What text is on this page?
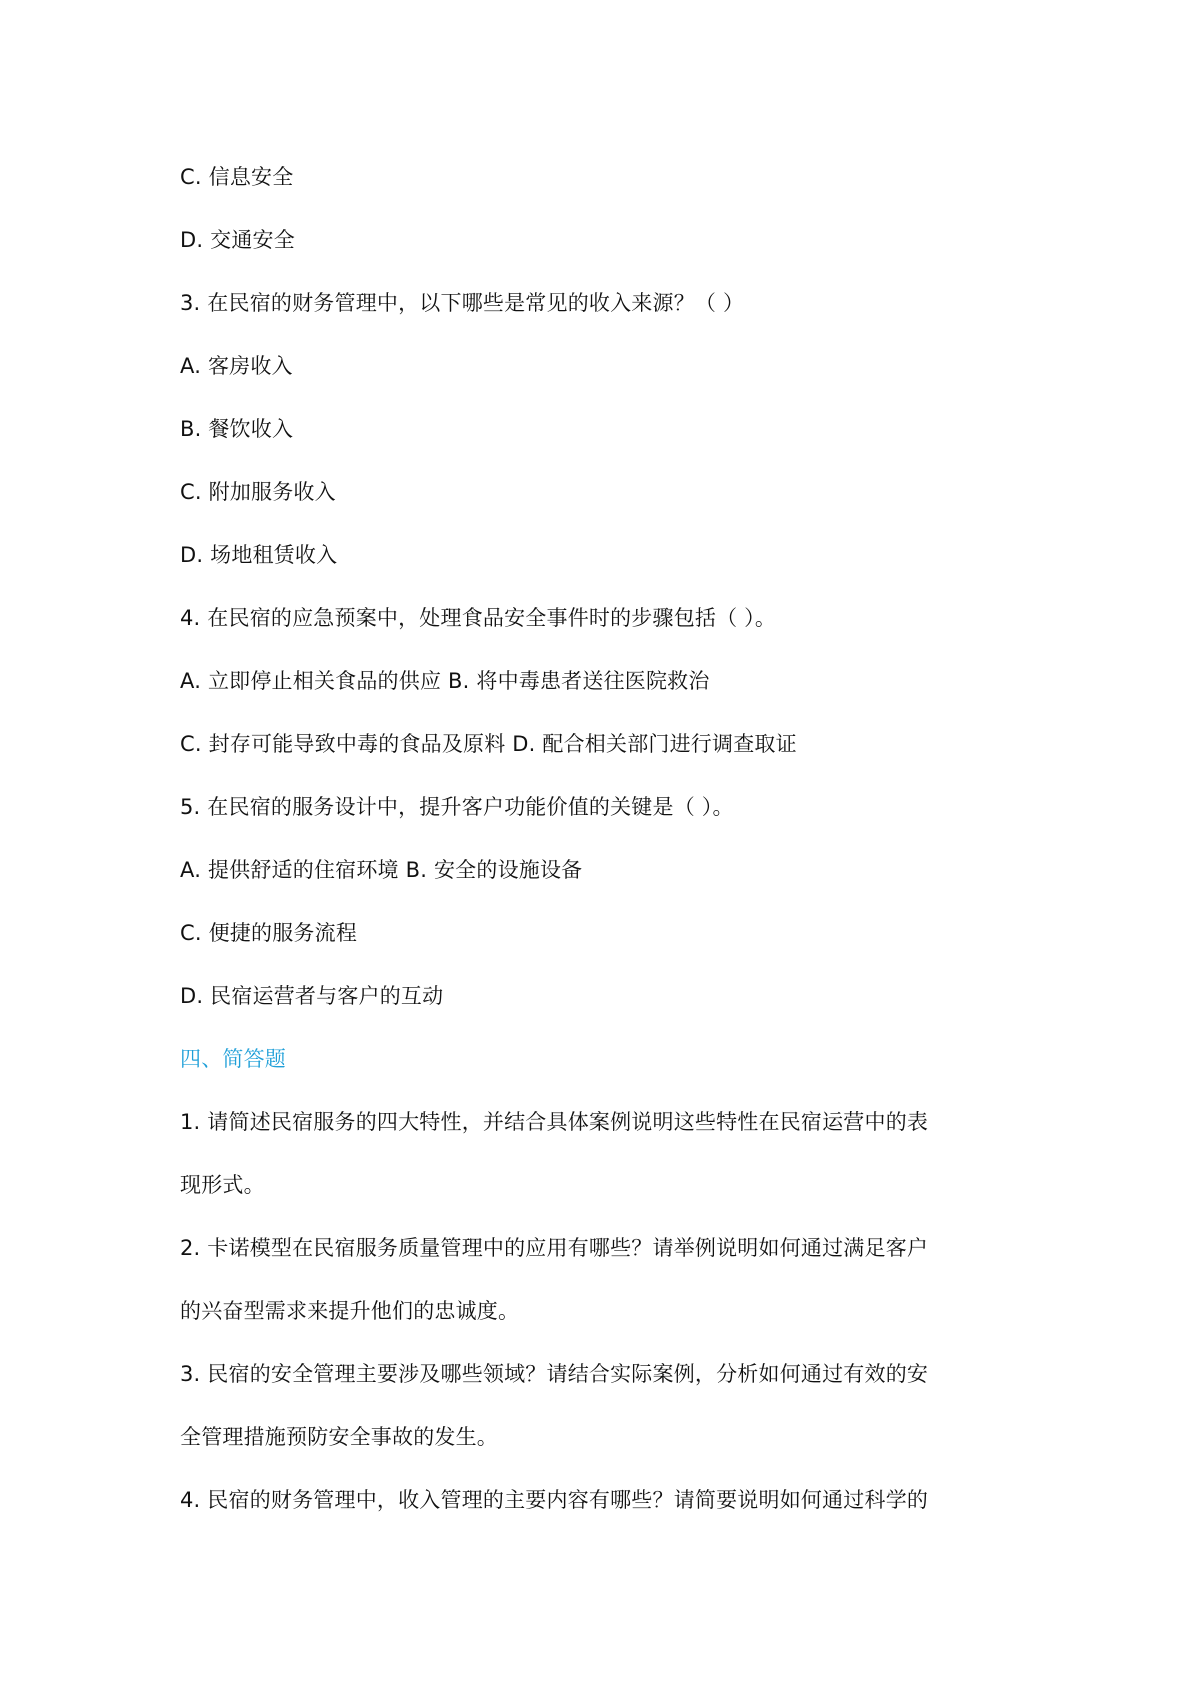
C. 信息安全
D. 交通安全
3. 在民宿的财务管理中，以下哪些是常见的收入来源？（ ）
A. 客房收入
B. 餐饮收入
C. 附加服务收入
D. 场地租赁收入
4. 在民宿的应急预案中，处理食品安全事件时的步骤包括（ ）。
A. 立即停止相关食品的供应 B. 将中毒患者送往医院救治
C. 封存可能导致中毒的食品及原料 D. 配合相关部门进行调查取证
5. 在民宿的服务设计中，提升客户功能价值的关键是（ ）。
A. 提供舒适的住宿环境 B. 安全的设施设备
C. 便捷的服务流程
D. 民宿运营者与客户的互动
四、简答题
1. 请简述民宿服务的四大特性，并结合具体案例说明这些特性在民宿运营中的表
现形式。
2. 卡诺模型在民宿服务质量管理中的应用有哪些？请举例说明如何通过满足客户
的兴奋型需求来提升他们的忠诚度。
3. 民宿的安全管理主要涉及哪些领域？请结合实际案例，分析如何通过有效的安
全管理措施预防安全事故的发生。
4. 民宿的财务管理中，收入管理的主要内容有哪些？请简要说明如何通过科学的
